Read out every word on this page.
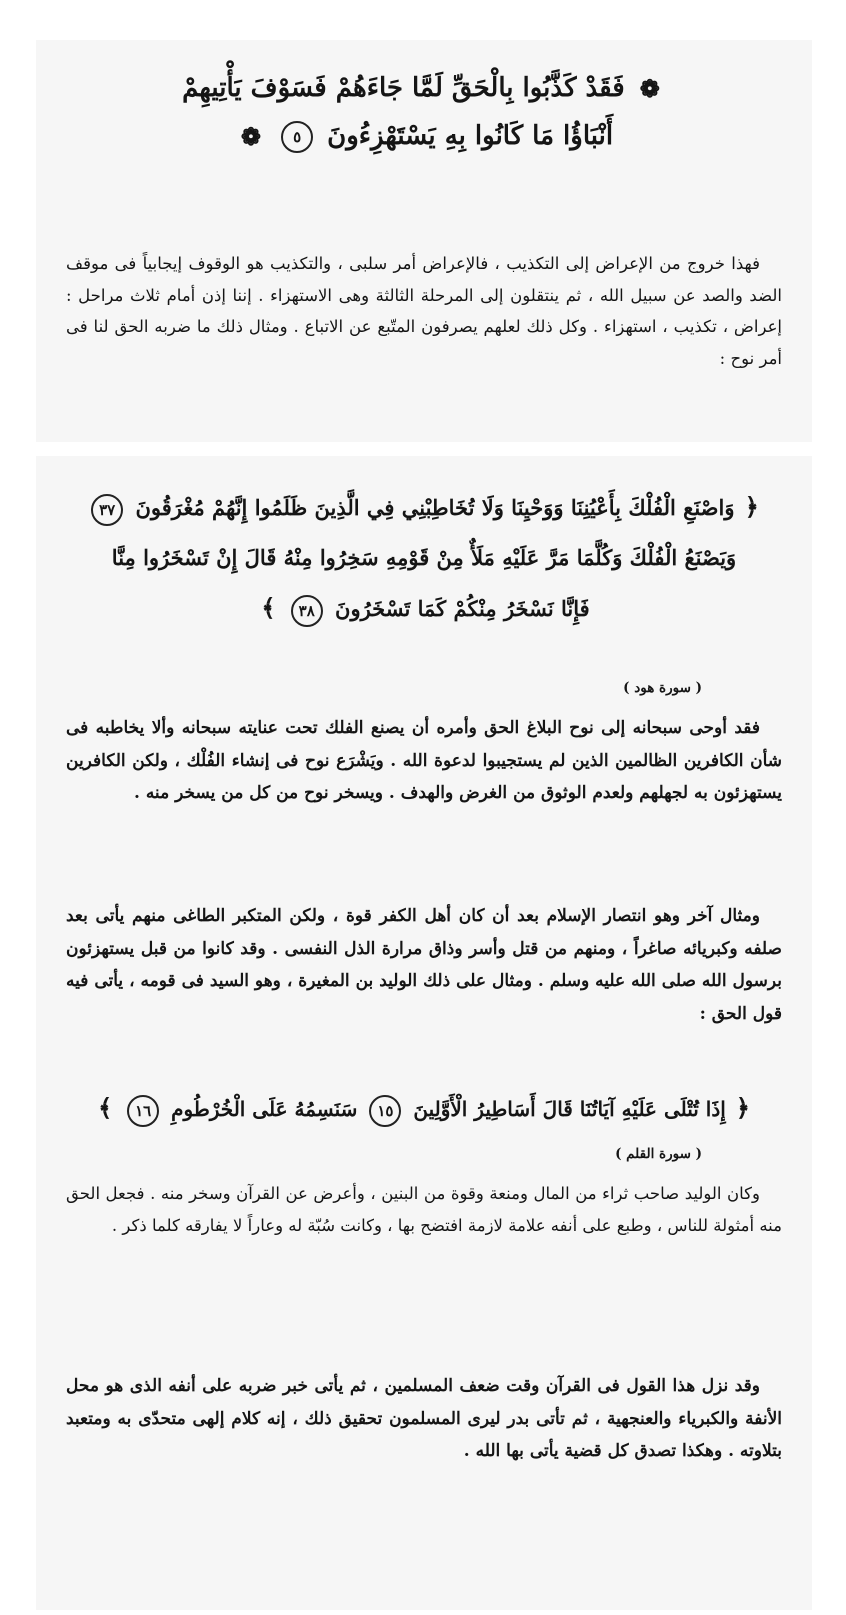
❁ فَقَدْ كَذَّبُوا بِالْحَقِّ لَمَّا جَاءَهُمْ فَسَوْفَ يَأْتِيهِمْ

أَنْبَاؤُا مَا كَانُوا بِهِ يَسْتَهْزِءُونَ ٥ ❁

فهذا خروج من الإعراض إلى التكذيب ، فالإعراض أمر سلبى ، والتكذيب هو الوقوف إيجابياً فى موقف الضد والصد عن سبيل الله ، ثم ينتقلون إلى المرحلة الثالثة وهى الاستهزاء . إننا إذن أمام ثلاث مراحل : إعراض ، تكذيب ، استهزاء . وكل ذلك لعلهم يصرفون المتّبع عن الاتباع . ومثال ذلك ما ضربه الحق لنا فى أمر نوح :

﴿ وَاصْنَعِ الْفُلْكَ بِأَعْيُنِنَا وَوَحْيِنَا وَلَا تُخَاطِبْنِي فِي الَّذِينَ ظَلَمُوا إِنَّهُمْ مُغْرَقُونَ ٣٧

وَيَصْنَعُ الْفُلْكَ وَكُلَّمَا مَرَّ عَلَيْهِ مَلَأٌ مِنْ قَوْمِهِ سَخِرُوا مِنْهُ قَالَ إِنْ تَسْخَرُوا مِنَّا

فَإِنَّا نَسْخَرُ مِنْكُمْ كَمَا تَسْخَرُونَ ٣٨ ﴾

( سورة هود )

فقد أوحى سبحانه إلى نوح البلاغ الحق وأمره أن يصنع الفلك تحت عنايته سبحانه وألا يخاطبه فى شأن الكافرين الظالمين الذين لم يستجيبوا لدعوة الله . ويَشْرَع نوح فى إنشاء الفُلْك ، ولكن الكافرين يستهزئون به لجهلهم ولعدم الوثوق من الغرض والهدف . ويسخر نوح من كل من يسخر منه .

ومثال آخر وهو انتصار الإسلام بعد أن كان أهل الكفر قوة ، ولكن المتكبر الطاغى منهم يأتى بعد صلفه وكبريائه صاغراً ، ومنهم من قتل وأسر وذاق مرارة الذل النفسى . وقد كانوا من قبل يستهزئون برسول الله صلى الله عليه وسلم . ومثال على ذلك الوليد بن المغيرة ، وهو السيد فى قومه ، يأتى فيه قول الحق :

﴿ إِذَا تُتْلَى عَلَيْهِ آيَاتُنَا قَالَ أَسَاطِيرُ الْأَوَّلِينَ ١٥ سَنَسِمُهُ عَلَى الْخُرْطُومِ ١٦ ﴾

( سورة القلم )

وكان الوليد صاحب ثراء من المال ومنعة وقوة من البنين ، وأعرض عن القرآن وسخر منه . فجعل الحق منه أمثولة للناس ، وطبع على أنفه علامة لازمة افتضح بها ، وكانت سُبّة له وعاراً لا يفارقه كلما ذكر .

وقد نزل هذا القول فى القرآن وقت ضعف المسلمين ، ثم يأتى خبر ضربه على أنفه الذى هو محل الأنفة والكبرياء والعنجهية ، ثم تأتى بدر ليرى المسلمون تحقيق ذلك ، إنه كلام إلهى متحدّى به ومتعبد بتلاوته . وهكذا تصدق كل قضية يأتى بها الله .
